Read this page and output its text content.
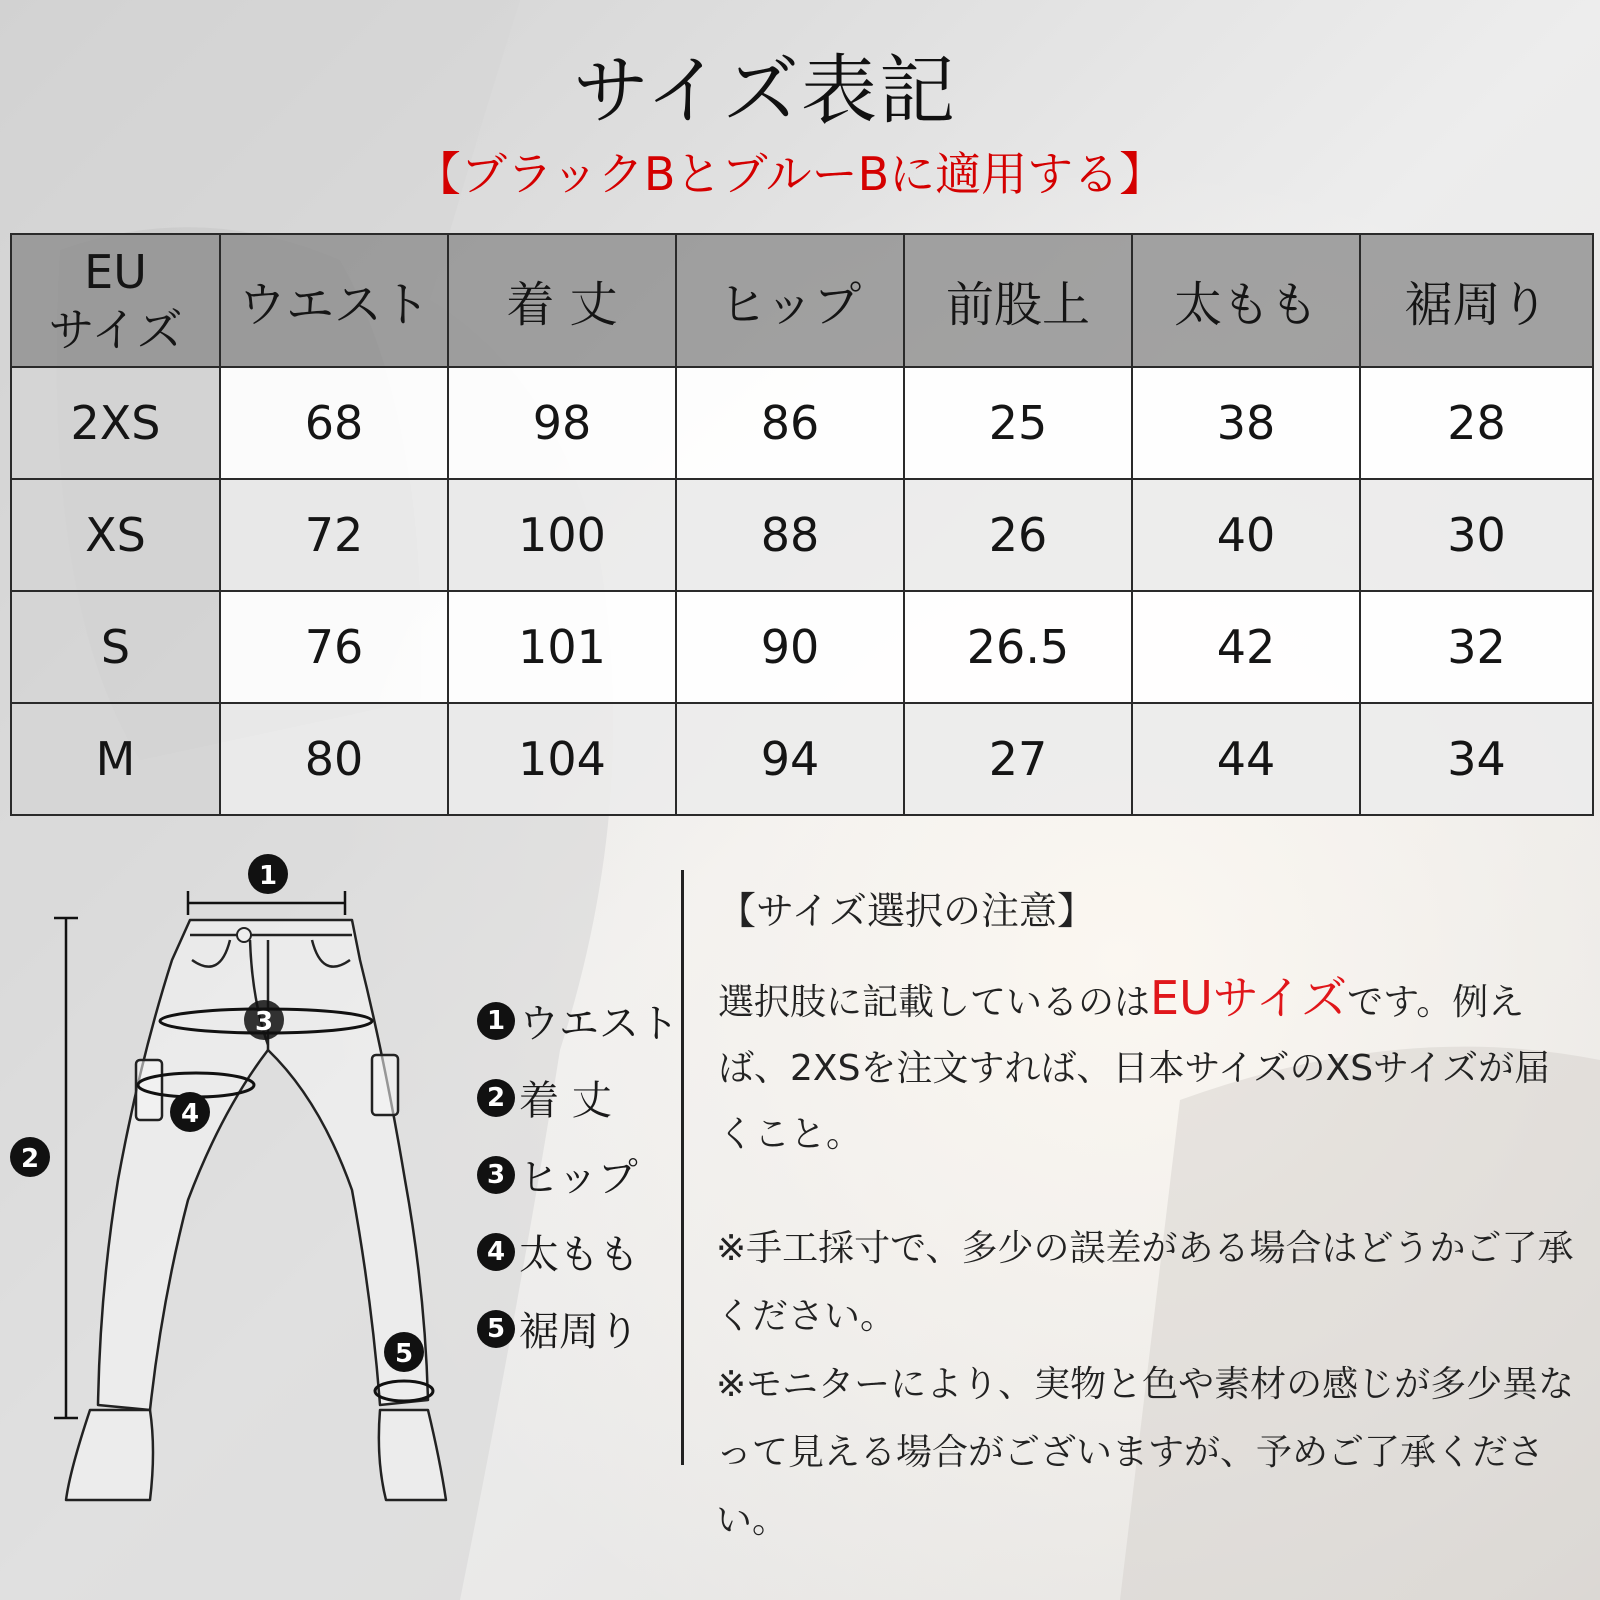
サイズ表記
【ブラックBとブルーBに適用する】
EU
サイズ	ウエスト	着 丈	ヒップ	前股上	太もも	裾周り
2XS	68	98	86	25	38	28
XS	72	100	88	26	40	30
S	76	101	90	26.5	42	32
M	80	104	94	27	44	34
1
2
3
4
5
1 ウエスト
2 着 丈
3 ヒップ
4 太もも
5 裾周り
【サイズ選択の注意】
選択肢に記載しているのはEUサイズです。例えば、2XSを注文すれば、日本サイズのXSサイズが届くこと。
※手工採寸で、多少の誤差がある場合はどうかご了承ください。
※モニターにより、実物と色や素材の感じが多少異なって見える場合がございますが、予めご了承ください。
